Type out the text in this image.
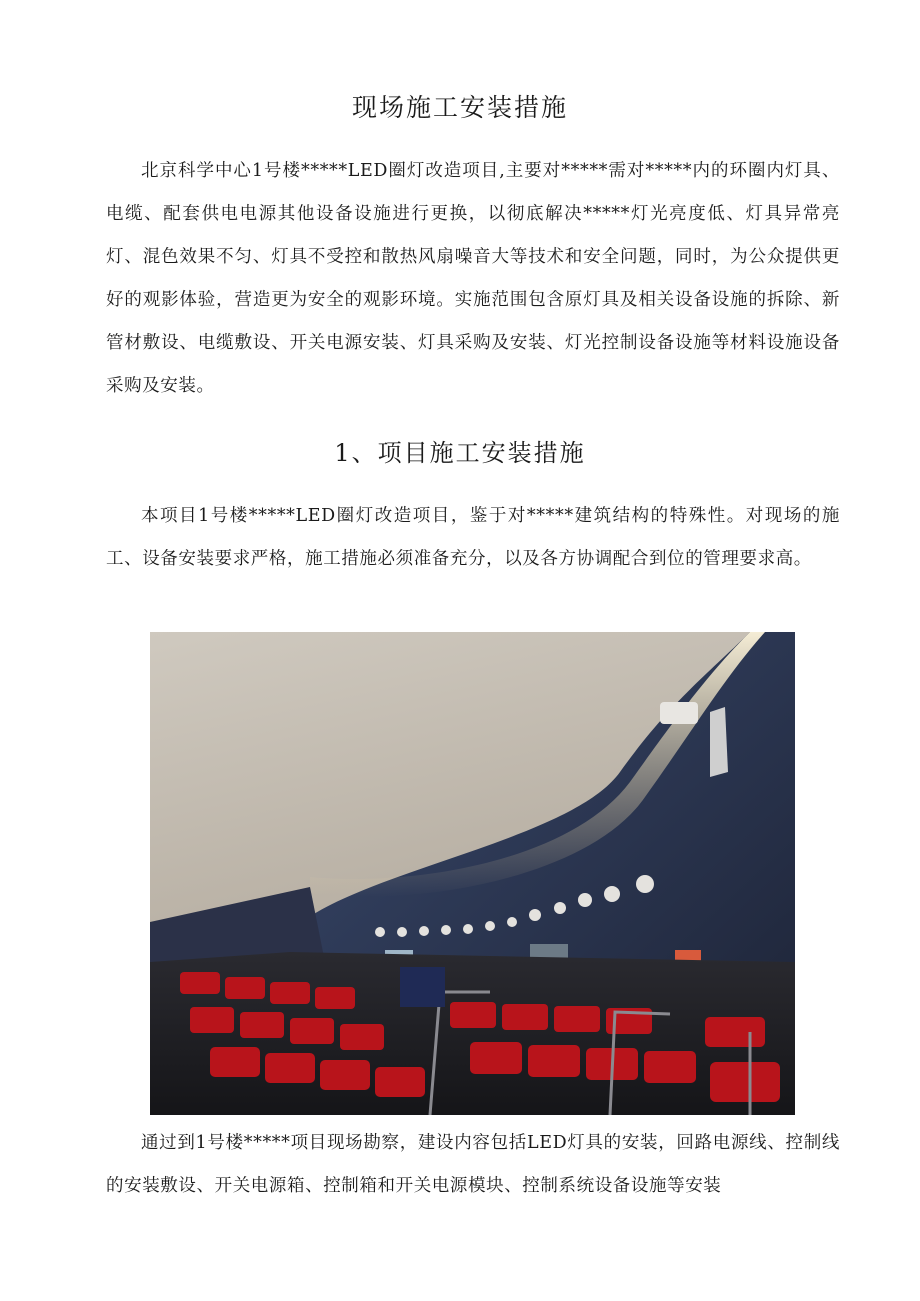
现场施工安装措施

北京科学中心1号楼*****LED圈灯改造项目,主要对*****需对*****内的环圈内灯具、电缆、配套供电电源其他设备设施进行更换，以彻底解决*****灯光亮度低、灯具异常亮灯、混色效果不匀、灯具不受控和散热风扇噪音大等技术和安全问题，同时，为公众提供更好的观影体验，营造更为安全的观影环境。实施范围包含原灯具及相关设备设施的拆除、新管材敷设、电缆敷设、开关电源安装、灯具采购及安装、灯光控制设备设施等材料设施设备采购及安装。

1、项目施工安装措施

本项目1号楼*****LED圈灯改造项目，鉴于对*****建筑结构的特殊性。对现场的施工、设备安装要求严格，施工措施必须准备充分，以及各方协调配合到位的管理要求高。

通过到1号楼*****项目现场勘察，建设内容包括LED灯具的安装，回路电源线、控制线的安装敷设、开关电源箱、控制箱和开关电源模块、控制系统设备设施等安装
